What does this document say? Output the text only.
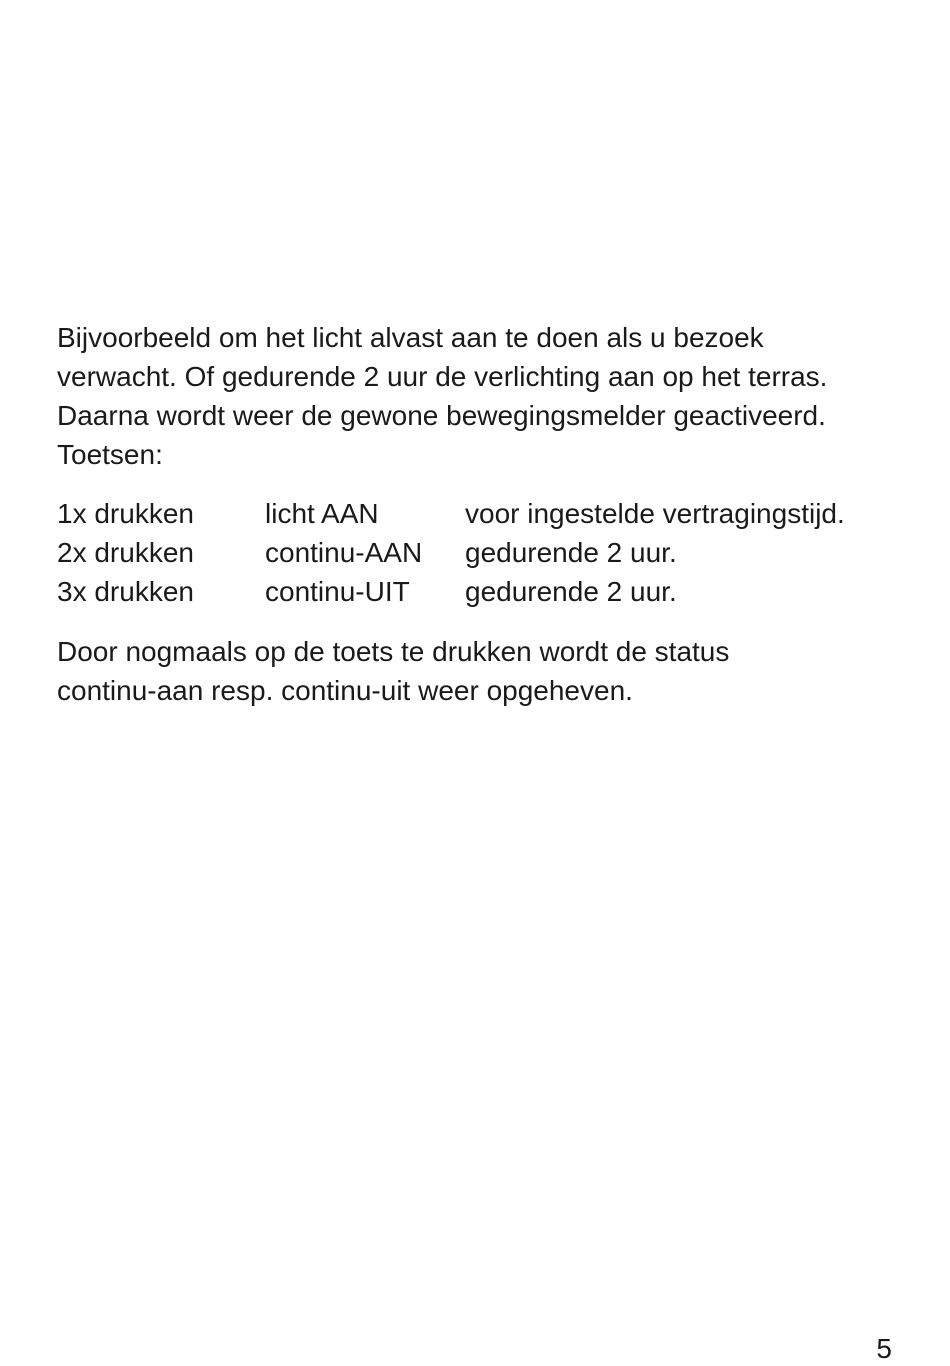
Bijvoorbeeld om het licht alvast aan te doen als u bezoek
verwacht. Of gedurende 2 uur de verlichting aan op het terras.
Daarna wordt weer de gewone bewegingsmelder geactiveerd.
Toetsen:

1x drukken	licht AAN	voor ingestelde vertragingstijd.
2x drukken	continu-AAN	gedurende 2 uur.
3x drukken	continu-UIT	gedurende 2 uur.

Door nogmaals op de toets te drukken wordt de status
continu-aan resp. continu-uit weer opgeheven.

5
